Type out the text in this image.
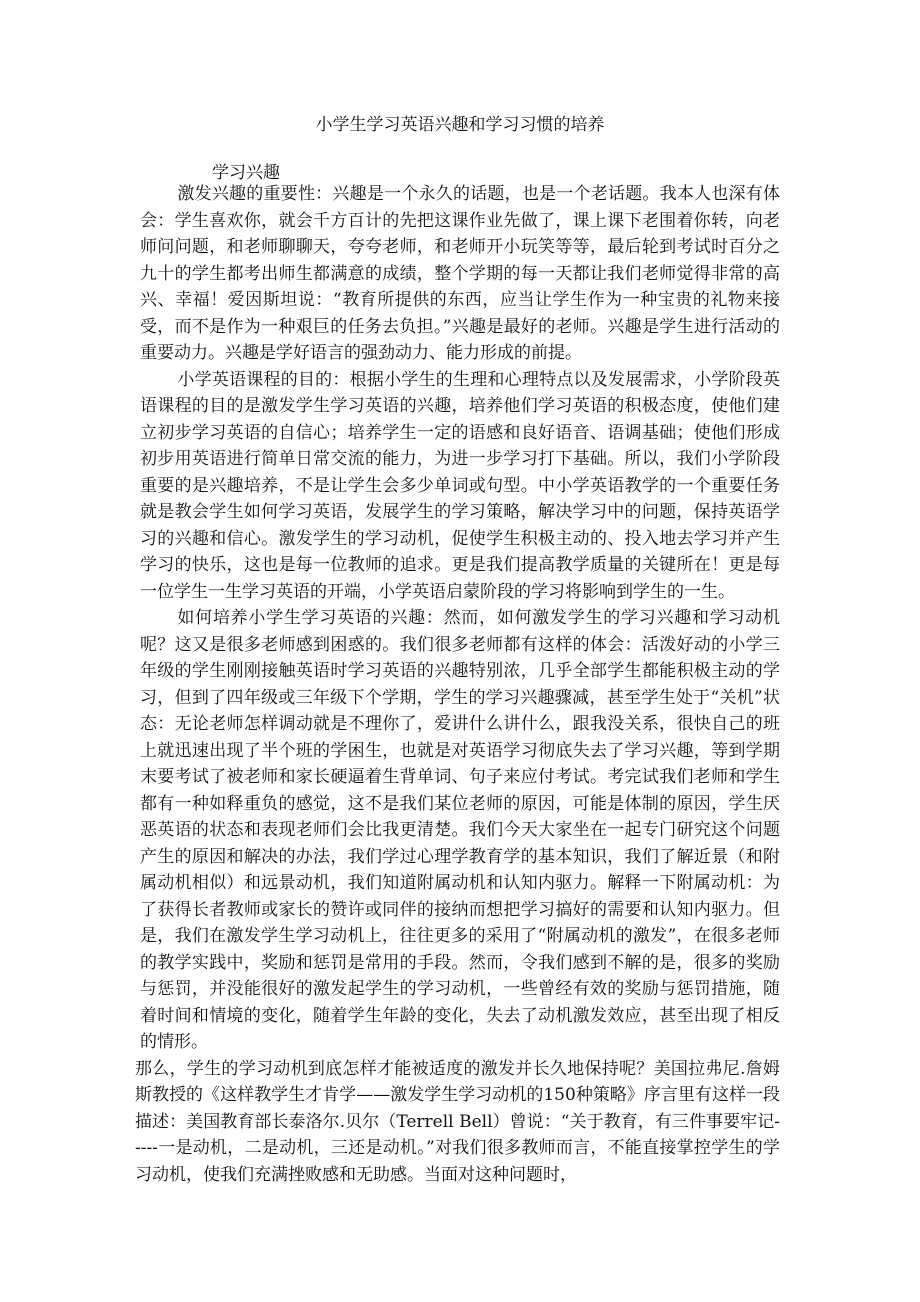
小学生学习英语兴趣和学习习惯的培养
学习兴趣

激发兴趣的重要性：兴趣是一个永久的话题，也是一个老话题。我本人也深有体会：学生喜欢你，就会千方百计的先把这课作业先做了，课上课下老围着你转，向老师问问题，和老师聊聊天，夸夸老师，和老师开小玩笑等等，最后轮到考试时百分之九十的学生都考出师生都满意的成绩，整个学期的每一天都让我们老师觉得非常的高兴、幸福！爱因斯坦说：“教育所提供的东西，应当让学生作为一种宝贵的礼物来接受，而不是作为一种艰巨的任务去负担。”兴趣是最好的老师。兴趣是学生进行活动的重要动力。兴趣是学好语言的强劲动力、能力形成的前提。

小学英语课程的目的：根据小学生的生理和心理特点以及发展需求，小学阶段英语课程的目的是激发学生学习英语的兴趣，培养他们学习英语的积极态度，使他们建立初步学习英语的自信心；培养学生一定的语感和良好语音、语调基础；使他们形成初步用英语进行简单日常交流的能力，为进一步学习打下基础。所以，我们小学阶段重要的是兴趣培养，不是让学生会多少单词或句型。中小学英语教学的一个重要任务就是教会学生如何学习英语，发展学生的学习策略，解决学习中的问题，保持英语学习的兴趣和信心。激发学生的学习动机，促使学生积极主动的、投入地去学习并产生学习的快乐，这也是每一位教师的追求。更是我们提高教学质量的关键所在！更是每一位学生一生学习英语的开端，小学英语启蒙阶段的学习将影响到学生的一生。

如何培养小学生学习英语的兴趣：然而，如何激发学生的学习兴趣和学习动机呢？这又是很多老师感到困惑的。我们很多老师都有这样的体会：活泼好动的小学三年级的学生刚刚接触英语时学习英语的兴趣特别浓，几乎全部学生都能积极主动的学习，但到了四年级或三年级下个学期，学生的学习兴趣骤减，甚至学生处于“关机”状态：无论老师怎样调动就是不理你了，爱讲什么讲什么，跟我没关系，很快自己的班上就迅速出现了半个班的学困生，也就是对英语学习彻底失去了学习兴趣，等到学期末要考试了被老师和家长硬逼着生背单词、句子来应付考试。考完试我们老师和学生都有一种如释重负的感觉，这不是我们某位老师的原因，可能是体制的原因，学生厌恶英语的状态和表现老师们会比我更清楚。我们今天大家坐在一起专门研究这个问题产生的原因和解决的办法，我们学过心理学教育学的基本知识，我们了解近景（和附属动机相似）和远景动机，我们知道附属动机和认知内驱力。解释一下附属动机：为了获得长者教师或家长的赞许或同伴的接纳而想把学习搞好的需要和认知内驱力。但是，我们在激发学生学习动机上，往往更多的采用了“附属动机的激发”，在很多老师的教学实践中，奖励和惩罚是常用的手段。然而，令我们感到不解的是，很多的奖励与惩罚，并没能很好的激发起学生的学习动机，一些曾经有效的奖励与惩罚措施，随着时间和情境的变化，随着学生年龄的变化，失去了动机激发效应，甚至出现了相反的情形。

那么，学生的学习动机到底怎样才能被适度的激发并长久地保持呢？美国拉弗尼.詹姆斯教授的《这样教学生才肯学——激发学生学习动机的150种策略》序言里有这样一段描述：美国教育部长泰洛尔.贝尔（Terrell Bell）曾说：“关于教育，有三件事要牢记-----一是动机，二是动机，三还是动机。”对我们很多教师而言，不能直接掌控学生的学习动机，使我们充满挫败感和无助感。当面对这种问题时，
